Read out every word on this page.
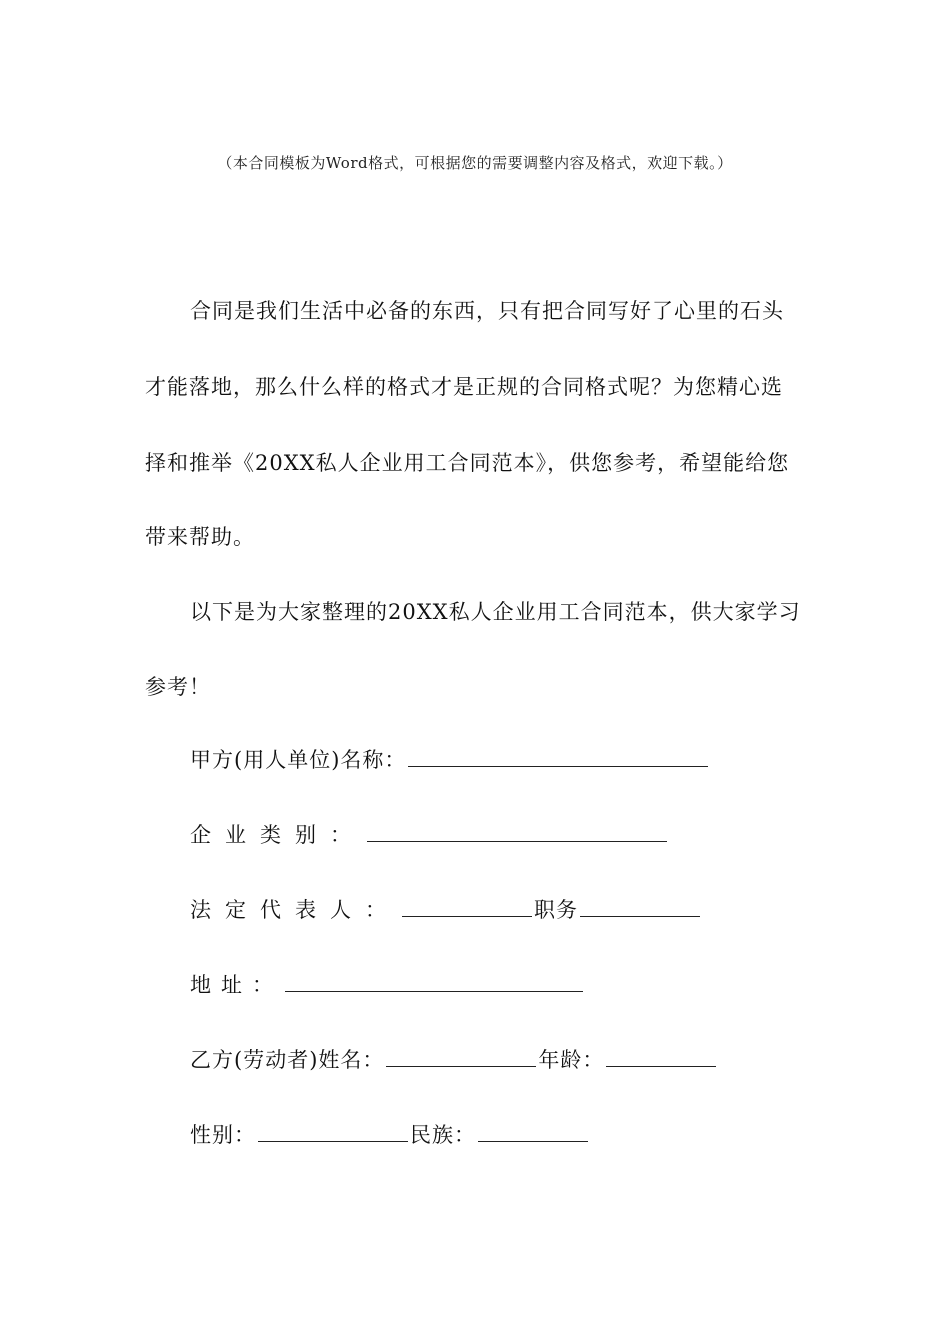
（本合同模板为Word格式，可根据您的需要调整内容及格式，欢迎下载。）
合同是我们生活中必备的东西，只有把合同写好了心里的石头
才能落地，那么什么样的格式才是正规的合同格式呢？为您精心选
择和推举《20XX私人企业用工合同范本》，供您参考，希望能给您
带来帮助。
以下是为大家整理的20XX私人企业用工合同范本，供大家学习
参考！
甲方(用人单位)名称：
企业类别：
法定代表人：	职务
地址：
乙方(劳动者)姓名：	年龄：
性别：	民族：
